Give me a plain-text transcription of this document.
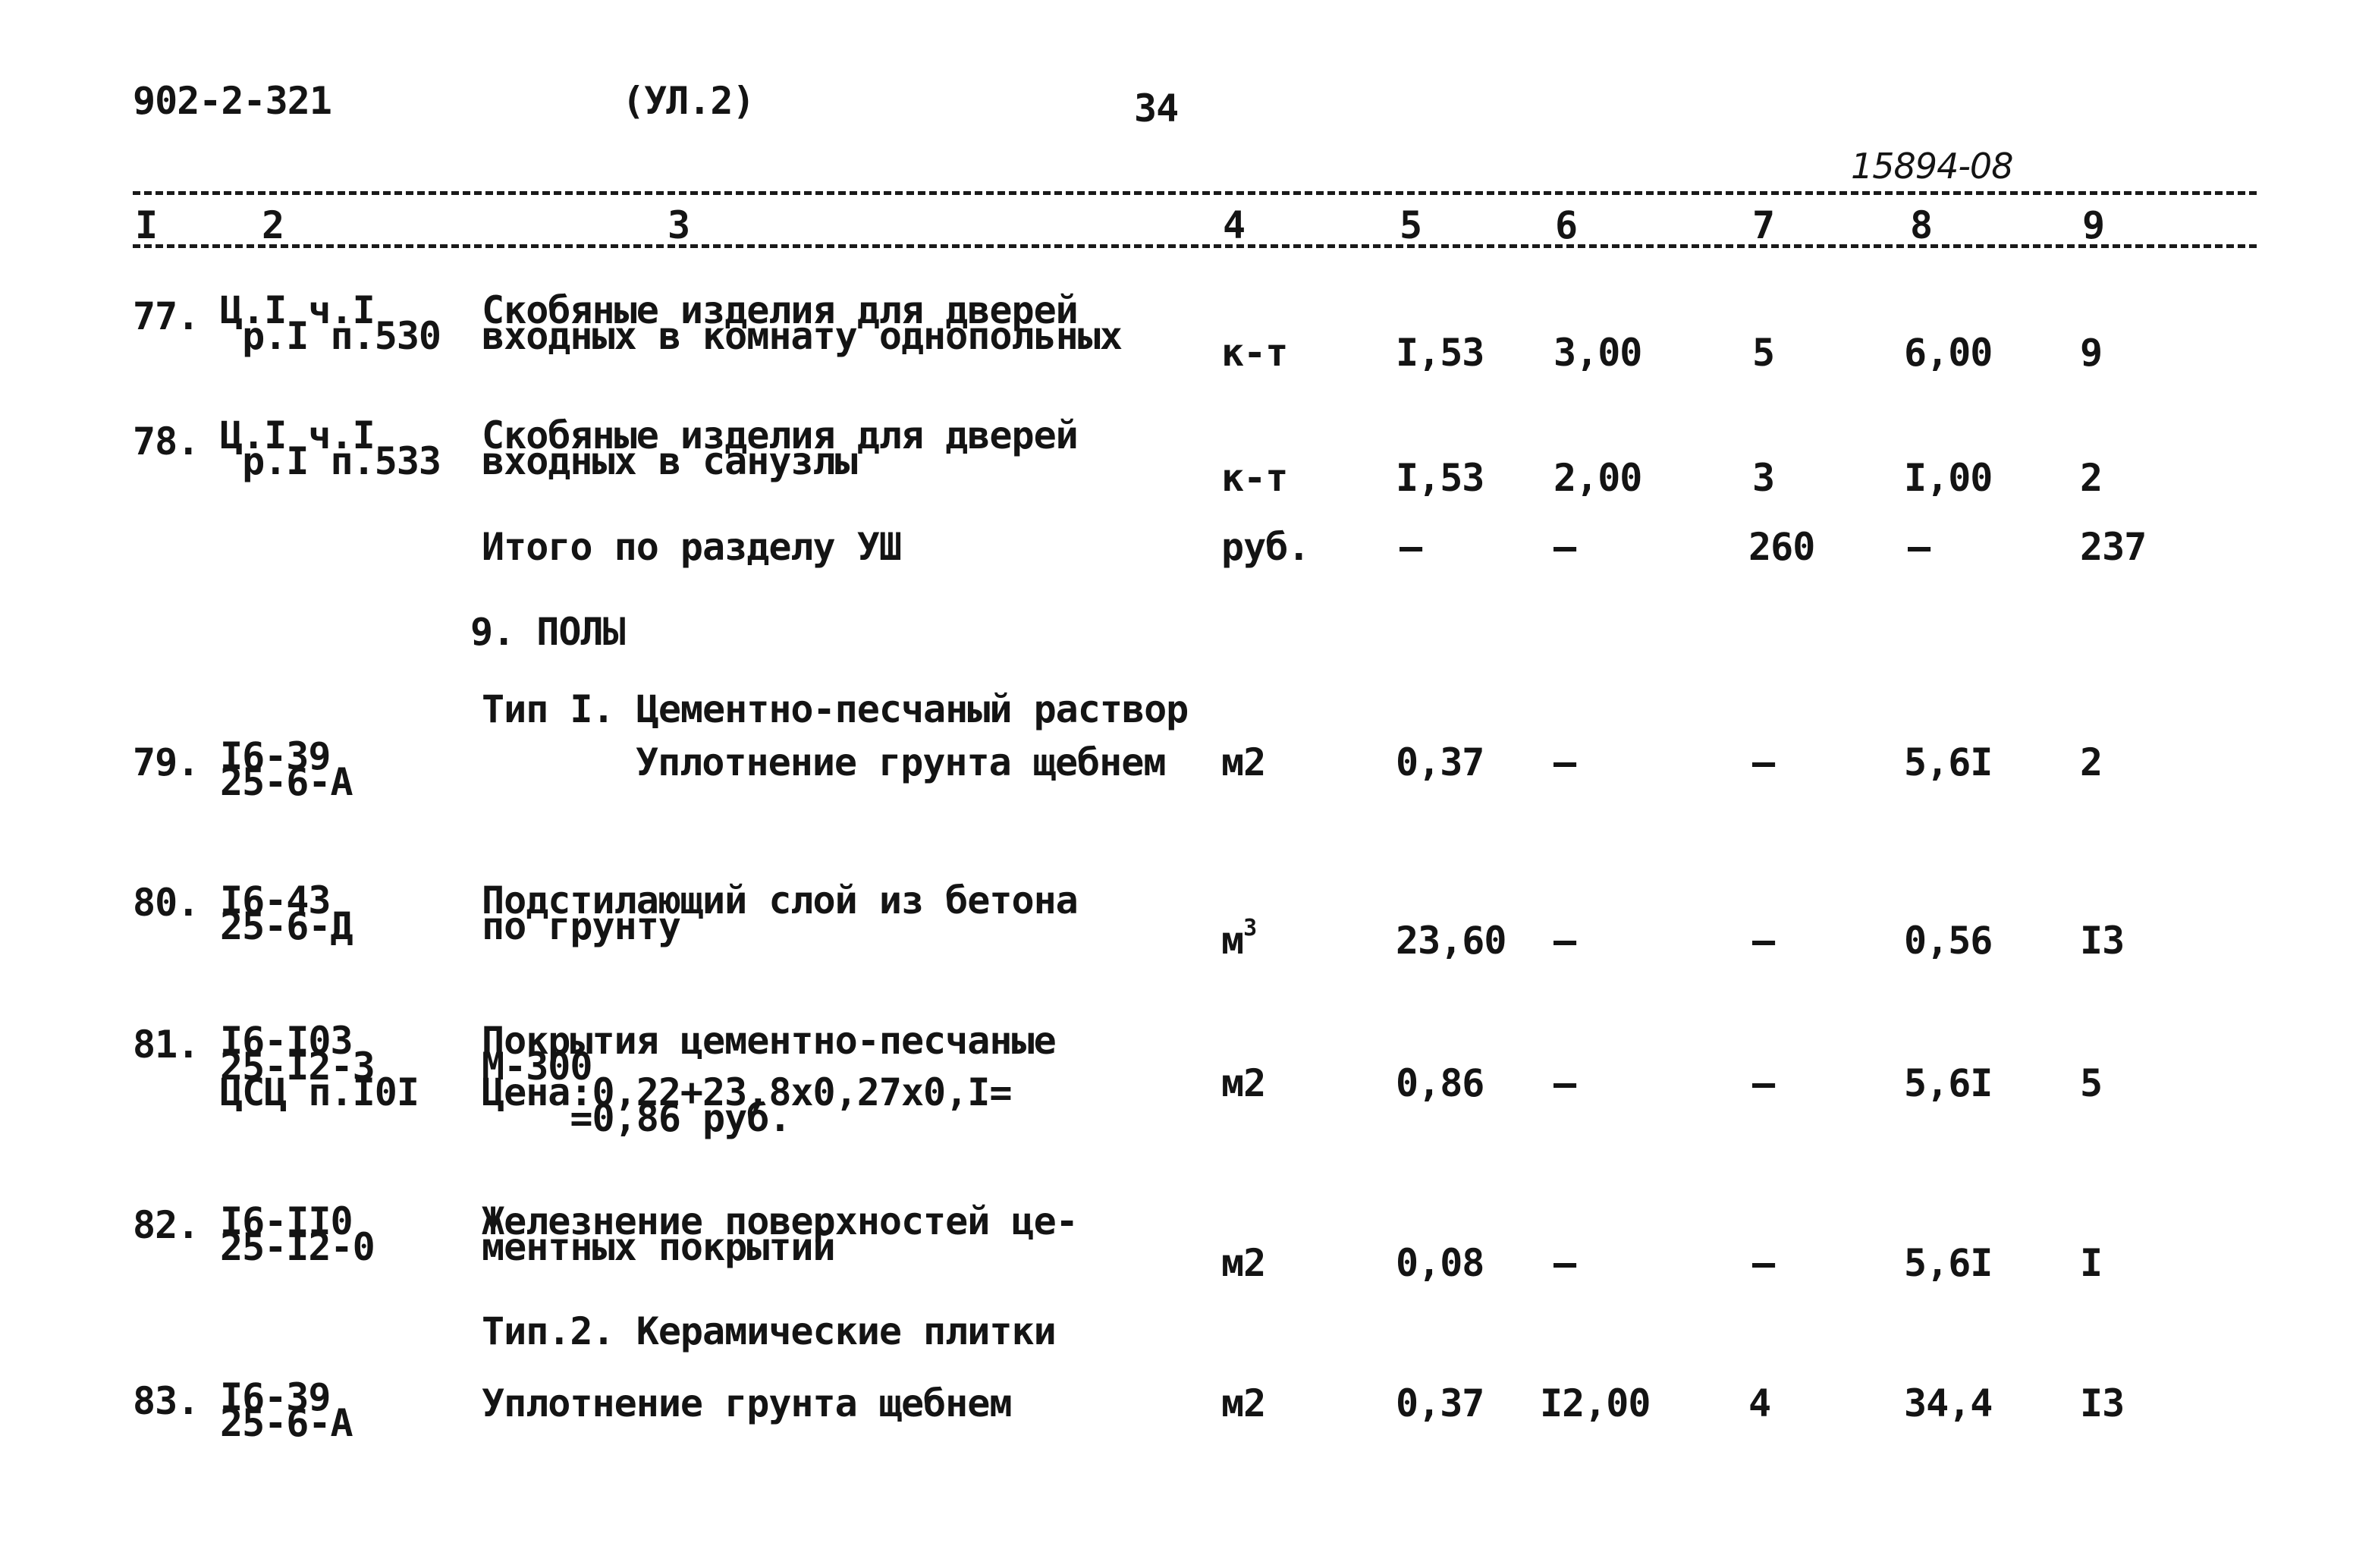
902-2-321	(УЛ.2)	34
15894-08
I	2	3	4	5	6	7	8	9
77. Ц.I ч.I
р.I п.530
Скобяные изделия для дверей
входных в комнату однопольных	к-т	I,53 3,00	5	6,00 9
78. Ц.I ч.I
р.I п.533
Скобяные изделия для дверей
входных в санузлы	к-т	I,53 2,00	3	I,00 2
Итого по разделу УШ	руб. –	–	260 –	237
9. ПОЛЫ
Тип I. Цементно-песчаный раствор
79. I6-39
25-6-А	Уплотнение грунта щебнем м2	0,37 –	–	5,6I 2
80. I6-43
25-6-Д
Подстилающий слой из бетона
по грунту	$м^3$	23,60 –	–	0,56 I3
81. I6-I03
25-I2-3
ЦСЦ п.I0I
Покрытия цементно-песчаные
М-300
Цена:0,22+23,8х0,27х0,I=
=0,86 руб.
м2	0,86 –	–	5,6I 5
82. I6-II0
25-I2-0
Железнение поверхностей це-
ментных покрытий	м2	0,08 –	–	5,6I I
Тип.2. Керамические плитки
83. I6-39
25-6-А	Уплотнение грунта щебнем	м2	0,37 I2,00	4	34,4 I3
